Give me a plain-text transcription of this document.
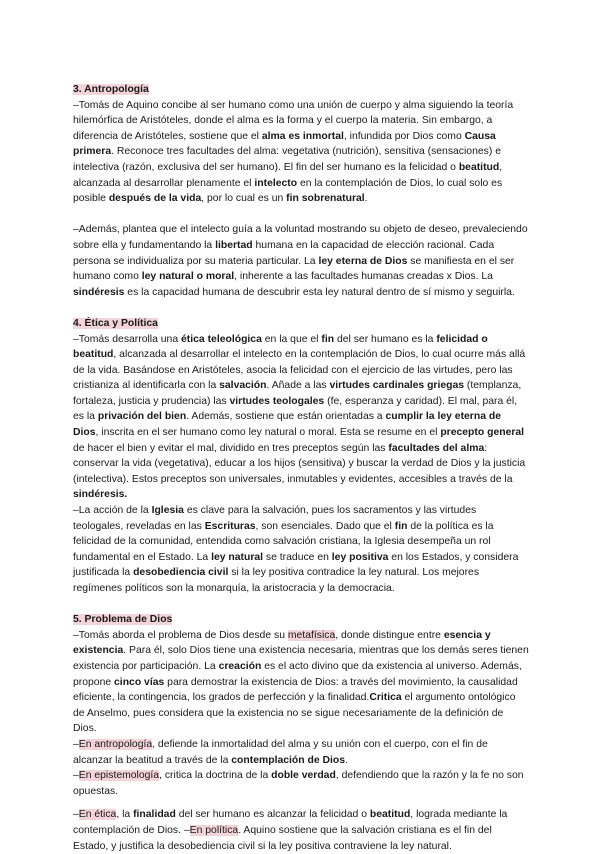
3. Antropología

–Tomás de Aquino concibe al ser humano como una unión de cuerpo y alma siguiendo la teoría hilemórfica de Aristóteles, donde el alma es la forma y el cuerpo la materia. Sin embargo, a diferencia de Aristóteles, sostiene que el alma es inmortal, infundida por Dios como Causa primera. Reconoce tres facultades del alma: vegetativa (nutrición), sensitiva (sensaciones) e intelectiva (razón, exclusiva del ser humano). El fin del ser humano es la felicidad o beatitud, alcanzada al desarrollar plenamente el intelecto en la contemplación de Dios, lo cual solo es posible después de la vida, por lo cual es un fin sobrenatural.

–Además, plantea que el intelecto guía a la voluntad mostrando su objeto de deseo, prevaleciendo sobre ella y fundamentando la libertad humana en la capacidad de elección racional. Cada persona se individualiza por su materia particular. La ley eterna de Dios se manifiesta en el ser humano como ley natural o moral, inherente a las facultades humanas creadas x Dios. La sindéresis es la capacidad humana de descubrir esta ley natural dentro de sí mismo y seguirla.

4. Ética y Política

–Tomás desarrolla una ética teleológica en la que el fin del ser humano es la felicidad o beatitud, alcanzada al desarrollar el intelecto en la contemplación de Dios, lo cual ocurre más allá de la vida. Basándose en Aristóteles, asocia la felicidad con el ejercicio de las virtudes, pero las cristianiza al identificarla con la salvación. Añade a las virtudes cardinales griegas (templanza, fortaleza, justicia y prudencia) las virtudes teologales (fe, esperanza y caridad). El mal, para él, es la privación del bien. Además, sostiene que están orientadas a cumplir la ley eterna de Dios, inscrita en el ser humano como ley natural o moral. Esta se resume en el precepto general de hacer el bien y evitar el mal, dividido en tres preceptos según las facultades del alma: conservar la vida (vegetativa), educar a los hijos (sensitiva) y buscar la verdad de Dios y la justicia (intelectiva). Estos preceptos son universales, inmutables y evidentes, accesibles a través de la sindéresis.

–La acción de la Iglesia es clave para la salvación, pues los sacramentos y las virtudes teologales, reveladas en las Escrituras, son esenciales. Dado que el fin de la política es la felicidad de la comunidad, entendida como salvación cristiana, la Iglesia desempeña un rol fundamental en el Estado. La ley natural se traduce en ley positiva en los Estados, y considera justificada la desobediencia civil si la ley positiva contradice la ley natural. Los mejores regímenes políticos son la monarquía, la aristocracia y la democracia.

5. Problema de Dios

–Tomás aborda el problema de Dios desde su metafísica, donde distingue entre esencia y existencia. Para él, solo Dios tiene una existencia necesaria, mientras que los demás seres tienen existencia por participación. La creación es el acto divino que da existencia al universo. Además, propone cinco vías para demostrar la existencia de Dios: a través del movimiento, la causalidad eficiente, la contingencia, los grados de perfección y la finalidad.Critica el argumento ontológico de Anselmo, pues considera que la existencia no se sigue necesariamente de la definición de Dios.

–En antropología, defiende la inmortalidad del alma y su unión con el cuerpo, con el fin de alcanzar la beatitud a través de la contemplación de Dios.

–En epistemología, critica la doctrina de la doble verdad, defendiendo que la razón y la fe no son opuestas.

–En ética, la finalidad del ser humano es alcanzar la felicidad o beatitud, lograda mediante la contemplación de Dios. –En política. Aquino sostiene que la salvación cristiana es el fin del Estado, y justifica la desobediencia civil si la ley positiva contraviene la ley natural.
